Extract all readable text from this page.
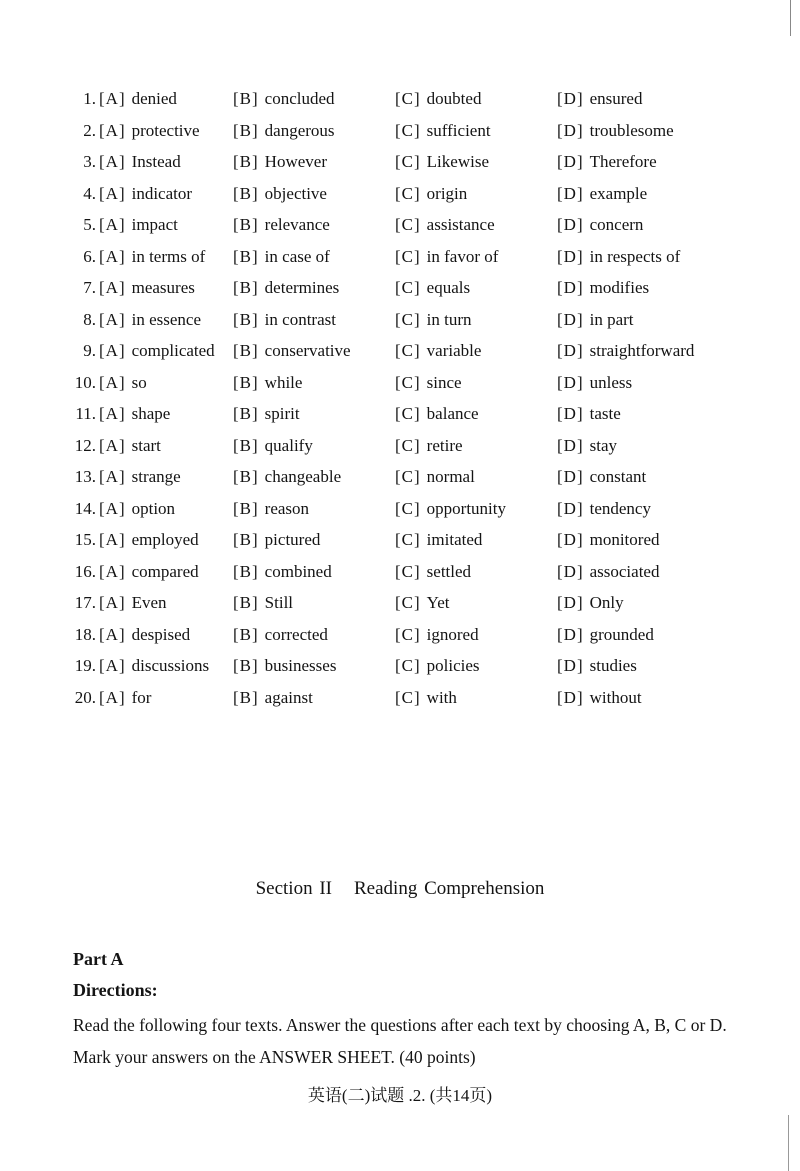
1. [A] denied	[B] concluded	[C] doubted	[D] ensured
2. [A] protective [B] dangerous	[C] sufficient	[D] troublesome
3. [A] Instead	[B] However	[C] Likewise	[D] Therefore
4. [A] indicator [B] objective	[C] origin	[D] example
5. [A] impact	[B] relevance	[C] assistance	[D] concern
6. [A] in terms of [B] in case of	[C] in favor of	[D] in respects of
7. [A] measures [B] determines	[C] equals	[D] modifies
8. [A] in essence [B] in contrast	[C] in turn	[D] in part
9. [A] complicated [B] conservative	[C] variable	[D] straightforward
10. [A] so	[B] while	[C] since	[D] unless
11. [A] shape	[B] spirit	[C] balance	[D] taste
12. [A] start	[B] qualify	[C] retire	[D] stay
13. [A] strange	[B] changeable	[C] normal	[D] constant
14. [A] option	[B] reason	[C] opportunity	[D] tendency
15. [A] employed [B] pictured	[C] imitated	[D] monitored
16. [A] compared [B] combined	[C] settled	[D] associated
17. [A] Even	[B] Still	[C] Yet	[D] Only
18. [A] despised	[B] corrected	[C] ignored	[D] grounded
19. [A] discussions [B] businesses	[C] policies	[D] studies
20. [A] for	[B] against	[C] with	[D] without
Section II Reading Comprehension
Part A
Directions:
Read the following four texts. Answer the questions after each text by choosing A, B, C or D. Mark your answers on the ANSWER SHEET. (40 points)
英语(二)试题 .2. (共14页)
